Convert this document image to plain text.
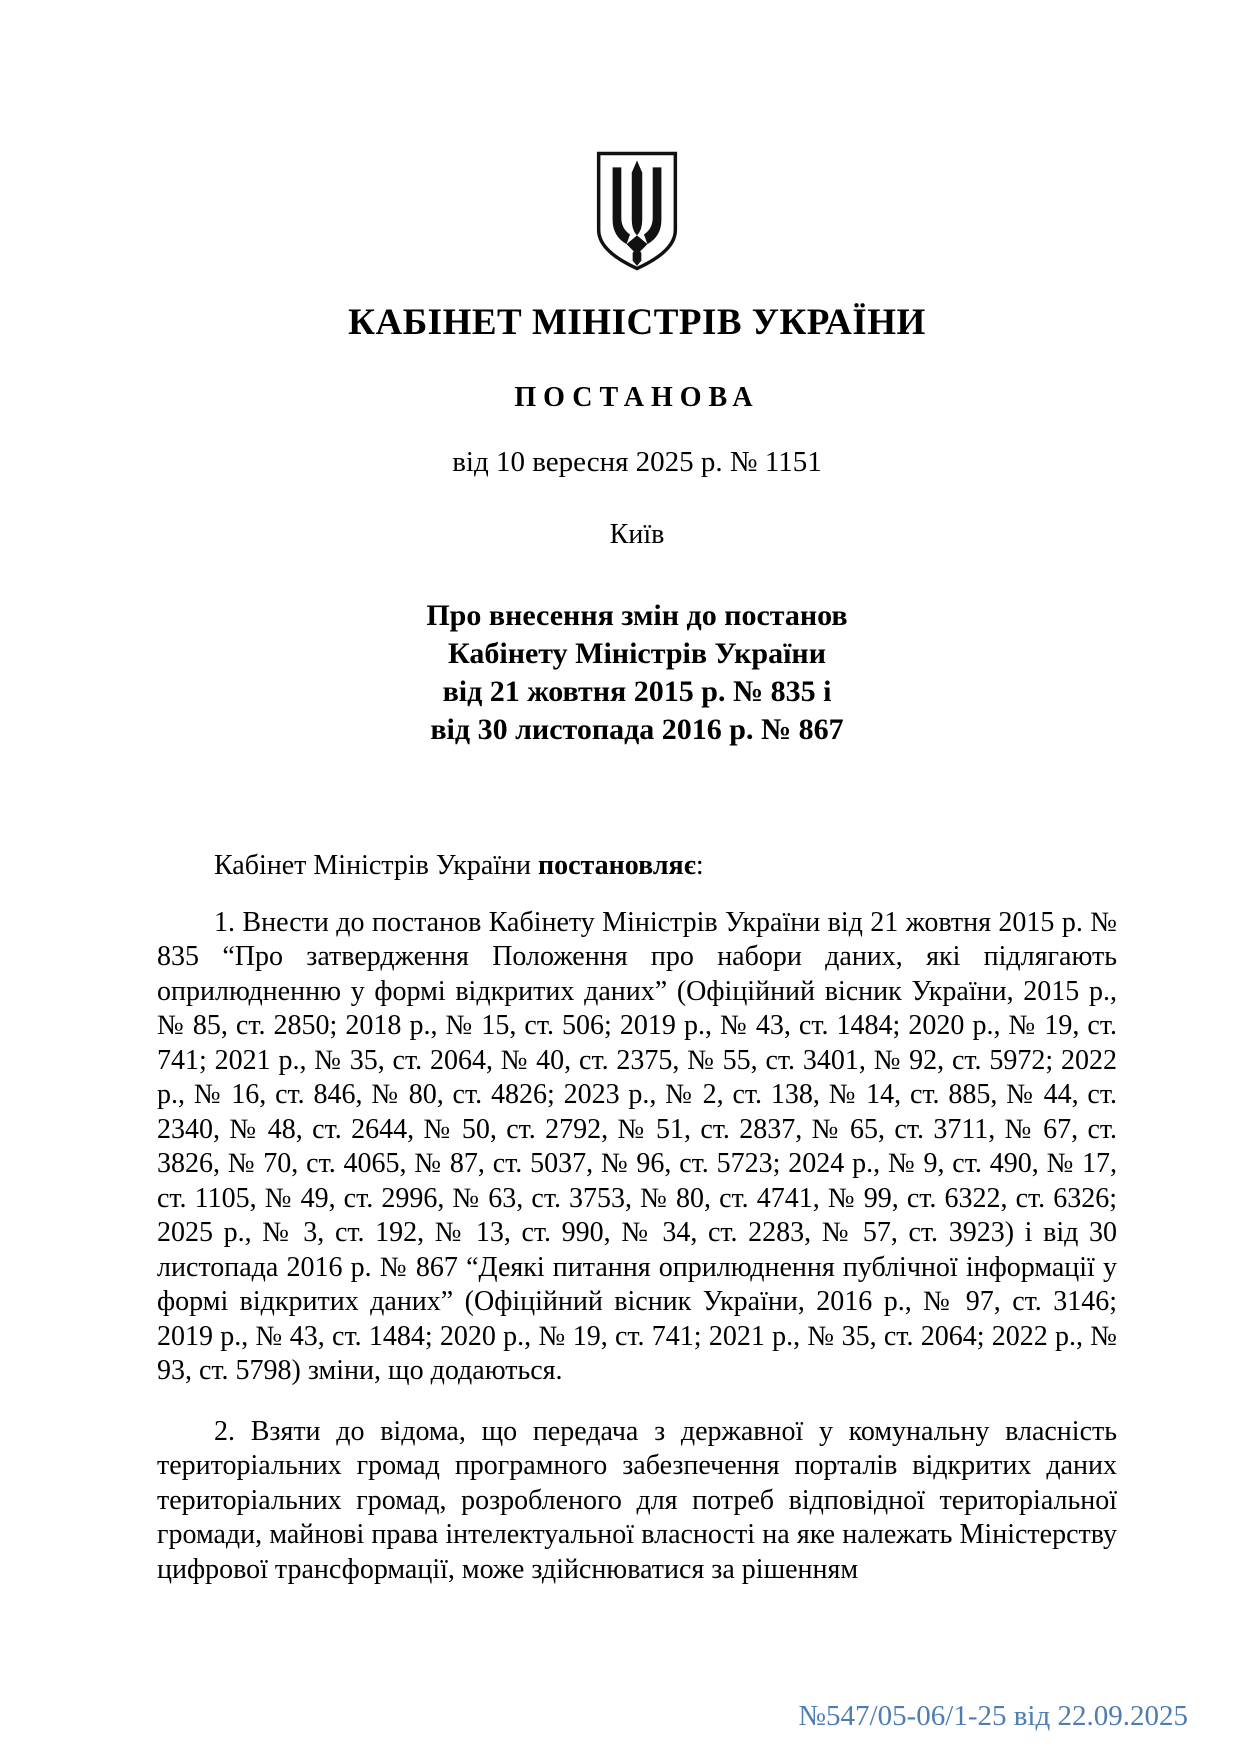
КАБІНЕТ МІНІСТРІВ УКРАЇНИ
ПОСТАНОВА
від 10 вересня 2025 р. № 1151
Київ
Про внесення змін до постанов
Кабінету Міністрів України
від 21 жовтня 2015 р. № 835 і
від 30 листопада 2016 р. № 867

Кабінет Міністрів України постановляє:

1. Внести до постанов Кабінету Міністрів України від 21 жовтня 2015 р. № 835 “Про затвердження Положення про набори даних, які підлягають оприлюдненню у формі відкритих даних” (Офіційний вісник України, 2015 р., № 85, ст. 2850; 2018 р., № 15, ст. 506; 2019 р., № 43, ст. 1484; 2020 р., № 19, ст. 741; 2021 р., № 35, ст. 2064, № 40, ст. 2375, № 55, ст. 3401, № 92, ст. 5972; 2022 р., № 16, ст. 846, № 80, ст. 4826; 2023 р., № 2, ст. 138, № 14, ст. 885, № 44, ст. 2340, № 48, ст. 2644, № 50, ст. 2792, № 51, ст. 2837, № 65, ст. 3711, № 67, ст. 3826, № 70, ст. 4065, № 87, ст. 5037, № 96, ст. 5723; 2024 р., № 9, ст. 490, № 17, ст. 1105, № 49, ст. 2996, № 63, ст. 3753, № 80, ст. 4741, № 99, ст. 6322, ст. 6326; 2025 р., № 3, ст. 192, № 13, ст. 990, № 34, ст. 2283, № 57, ст. 3923) і від 30 листопада 2016 р. № 867 “Деякі питання оприлюднення публічної інформації у формі відкритих даних” (Офіційний вісник України, 2016 р., № 97, ст. 3146; 2019 р., № 43, ст. 1484; 2020 р., № 19, ст. 741; 2021 р., № 35, ст. 2064; 2022 р., № 93, ст. 5798) зміни, що додаються.

2. Взяти до відома, що передача з державної у комунальну власність територіальних громад програмного забезпечення порталів відкритих даних територіальних громад, розробленого для потреб відповідної територіальної громади, майнові права інтелектуальної власності на яке належать Міністерству цифрової трансформації, може здійснюватися за рішенням

№547/05-06/1-25 від 22.09.2025
